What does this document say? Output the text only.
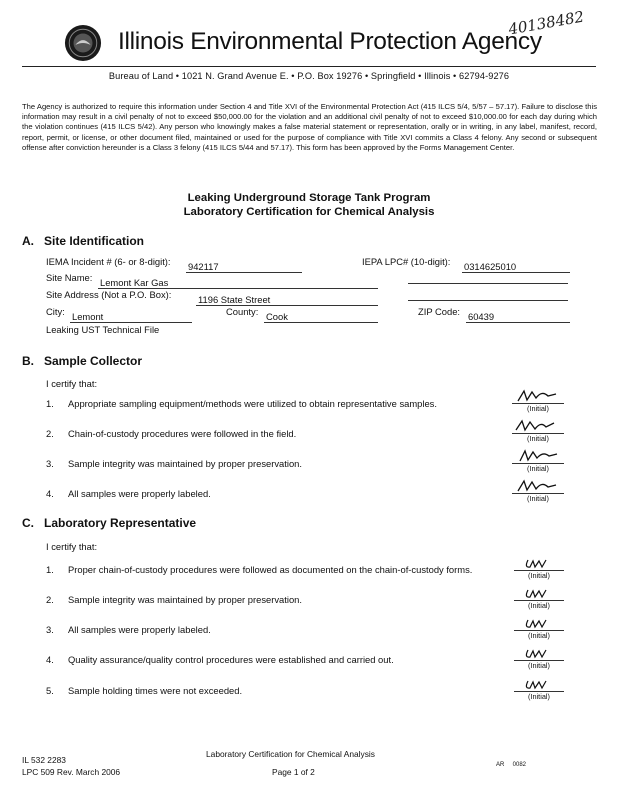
Illinois Environmental Protection Agency
40138482
Bureau of Land • 1021 N. Grand Avenue E. • P.O. Box 19276 • Springfield • Illinois • 62794-9276
The Agency is authorized to require this information under Section 4 and Title XVI of the Environmental Protection Act (415 ILCS 5/4, 5/57 – 57.17). Failure to disclose this information may result in a civil penalty of not to exceed $50,000.00 for the violation and an additional civil penalty of not to exceed $10,000.00 for each day during which the violation continues (415 ILCS 5/42). Any person who knowingly makes a false material statement or representation, orally or in writing, in any label, manifest, record, report, permit, or license, or other document filed, maintained or used for the purpose of compliance with Title XVI commits a Class 4 felony. Any second or subsequent offense after conviction hereunder is a Class 3 felony (415 ILCS 5/44 and 57.17). This form has been approved by the Forms Management Center.
Leaking Underground Storage Tank Program
Laboratory Certification for Chemical Analysis
A. Site Identification
IEMA Incident # (6- or 8-digit): 942117	IEPA LPC# (10-digit): 0314625010
Site Name: Lemont Kar Gas
Site Address (Not a P.O. Box):	1196 State Street
City: Lemont	County: Cook	ZIP Code: 60439
Leaking UST Technical File
B. Sample Collector
I certify that:
1. Appropriate sampling equipment/methods were utilized to obtain representative samples.	(Initial)
2. Chain-of-custody procedures were followed in the field.	(Initial)
3. Sample integrity was maintained by proper preservation.	(Initial)
4. All samples were properly labeled.	(Initial)
C. Laboratory Representative
I certify that:
1. Proper chain-of-custody procedures were followed as documented on the chain-of-custody forms.
(Initial)
2. Sample integrity was maintained by proper preservation.
(Initial)
3. All samples were properly labeled.
(Initial)
4. Quality assurance/quality control procedures were established and carried out.
(Initial)
5. Sample holding times were not exceeded.
(Initial)
IL 532 2283
LPC 509 Rev. March 2006
Laboratory Certification for Chemical Analysis
Page 1 of 2
AR     0082
